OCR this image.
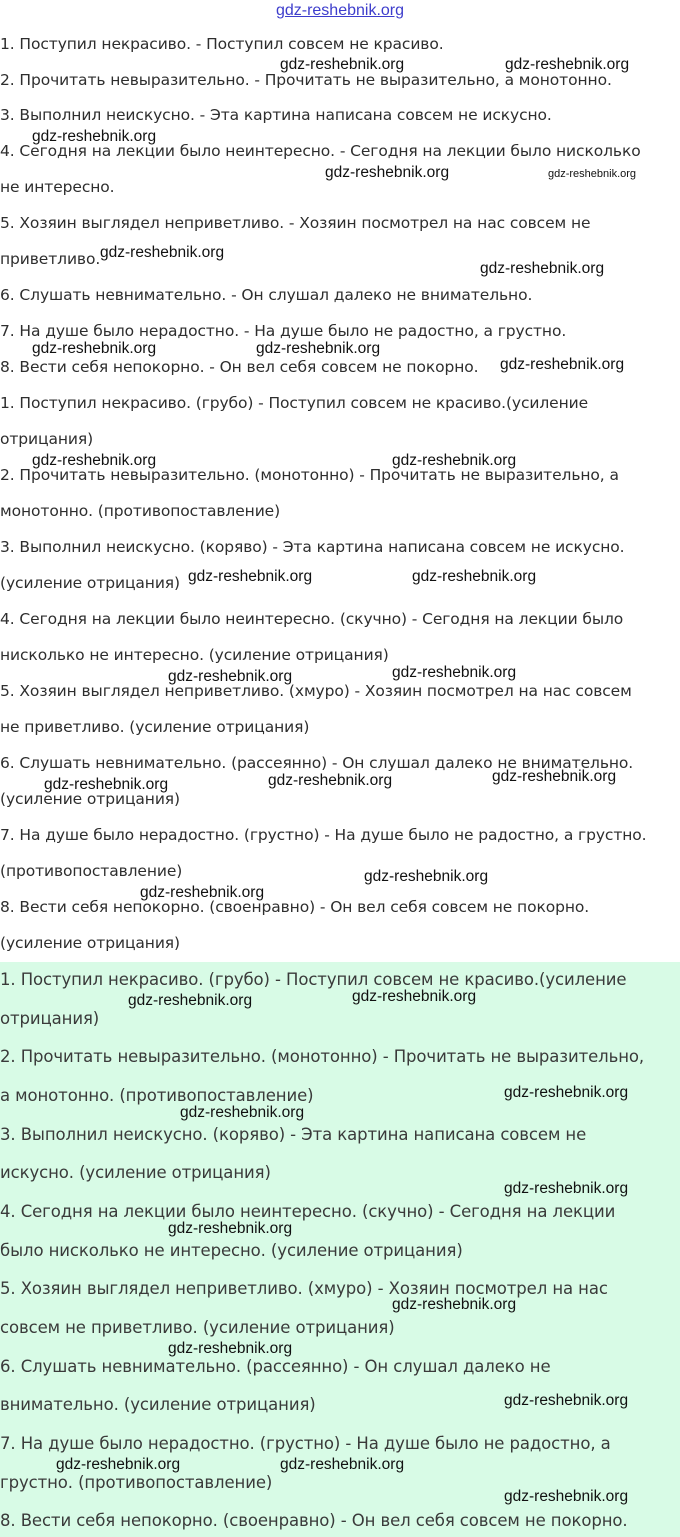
gdz-reshebnik.org
1. Поступил некрасиво. - Поступил совсем не красиво.
2. Прочитать невыразительно. - Прочитать не выразительно, а монотонно.
3. Выполнил неискусно. - Эта картина написана совсем не искусно.
4. Сегодня на лекции было неинтересно. - Сегодня на лекции было нисколько
не интересно.
5. Хозяин выглядел неприветливо. - Хозяин посмотрел на нас совсем не
приветливо.
6. Слушать невнимательно. - Он слушал далеко не внимательно.
7. На душе было нерадостно. - На душе было не радостно, а грустно.
8. Вести себя непокорно. - Он вел себя совсем не покорно.
1. Поступил некрасиво. (грубо) - Поступил совсем не красиво.(усиление
отрицания)
2. Прочитать невыразительно. (монотонно) - Прочитать не выразительно, а
монотонно. (противопоставление)
3. Выполнил неискусно. (коряво) - Эта картина написана совсем не искусно.
(усиление отрицания)
4. Сегодня на лекции было неинтересно. (скучно) - Сегодня на лекции было
нисколько не интересно. (усиление отрицания)
5. Хозяин выглядел неприветливо. (хмуро) - Хозяин посмотрел на нас совсем
не приветливо. (усиление отрицания)
6. Слушать невнимательно. (рассеянно) - Он слушал далеко не внимательно.
(усиление отрицания)
7. На душе было нерадостно. (грустно) - На душе было не радостно, а грустно.
(противопоставление)
8. Вести себя непокорно. (своенравно) - Он вел себя совсем не покорно.
(усиление отрицания)
1. Поступил некрасиво. (грубо) - Поступил совсем не красиво.(усиление
отрицания)
2. Прочитать невыразительно. (монотонно) - Прочитать не выразительно,
а монотонно. (противопоставление)
3. Выполнил неискусно. (коряво) - Эта картина написана совсем не
искусно. (усиление отрицания)
4. Сегодня на лекции было неинтересно. (скучно) - Сегодня на лекции
было нисколько не интересно. (усиление отрицания)
5. Хозяин выглядел неприветливо. (хмуро) - Хозяин посмотрел на нас
совсем не приветливо. (усиление отрицания)
6. Слушать невнимательно. (рассеянно) - Он слушал далеко не
внимательно. (усиление отрицания)
7. На душе было нерадостно. (грустно) - На душе было не радостно, а
грустно. (противопоставление)
8. Вести себя непокорно. (своенравно) - Он вел себя совсем не покорно.
gdz-reshebnik.org	gdz-reshebnik.org
gdz-reshebnik.org
gdz-reshebnik.org	gdz-reshebnik.org
gdz-reshebnik.org
gdz-reshebnik.org
gdz-reshebnik.org	gdz-reshebnik.org
gdz-reshebnik.org
gdz-reshebnik.org	gdz-reshebnik.org
gdz-reshebnik.org	gdz-reshebnik.org
gdz-reshebnik.org
gdz-reshebnik.org
gdz-reshebnik.org
gdz-reshebnik.org
gdz-reshebnik.org
gdz-reshebnik.org
gdz-reshebnik.org
gdz-reshebnik.org
gdz-reshebnik.org
gdz-reshebnik.org
gdz-reshebnik.org
gdz-reshebnik.org
gdz-reshebnik.org
gdz-reshebnik.org
gdz-reshebnik.org
gdz-reshebnik.org
gdz-reshebnik.org	gdz-reshebnik.org
gdz-reshebnik.org
